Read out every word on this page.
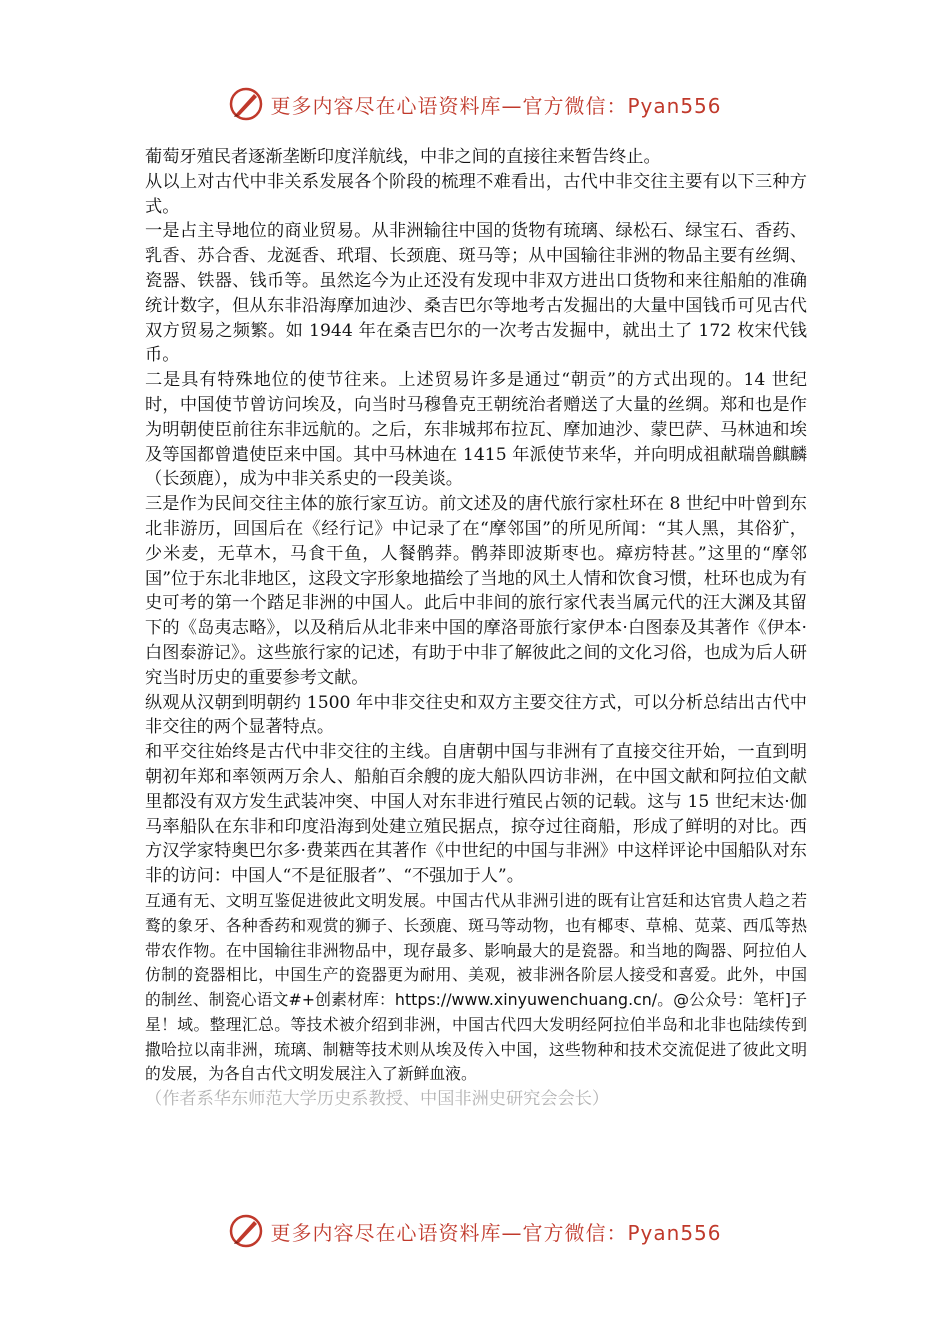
更多内容尽在心语资料库—官方微信：Pyan556

葡萄牙殖民者逐渐垄断印度洋航线，中非之间的直接往来暂告终止。

从以上对古代中非关系发展各个阶段的梳理不难看出，古代中非交往主要有以下三种方式。

一是占主导地位的商业贸易。从非洲输往中国的货物有琉璃、绿松石、绿宝石、香药、乳香、苏合香、龙涎香、玳瑁、长颈鹿、斑马等；从中国输往非洲的物品主要有丝绸、瓷器、铁器、钱币等。虽然迄今为止还没有发现中非双方进出口货物和来往船舶的准确统计数字，但从东非沿海摩加迪沙、桑吉巴尔等地考古发掘出的大量中国钱币可见古代双方贸易之频繁。如 1944 年在桑吉巴尔的一次考古发掘中，就出土了 172 枚宋代钱币。

二是具有特殊地位的使节往来。上述贸易许多是通过“朝贡”的方式出现的。14 世纪时，中国使节曾访问埃及，向当时马穆鲁克王朝统治者赠送了大量的丝绸。郑和也是作为明朝使臣前往东非远航的。之后，东非城邦布拉瓦、摩加迪沙、蒙巴萨、马林迪和埃及等国都曾遣使臣来中国。其中马林迪在 1415 年派使节来华，并向明成祖献瑞兽麒麟（长颈鹿），成为中非关系史的一段美谈。

三是作为民间交往主体的旅行家互访。前文述及的唐代旅行家杜环在 8 世纪中叶曾到东北非游历，回国后在《经行记》中记录了在“摩邻国”的所见所闻：“其人黑，其俗犷，少米麦，无草木，马食干鱼，人餐鹘莽。鹘莽即波斯枣也。瘴疠特甚。”这里的“摩邻国”位于东北非地区，这段文字形象地描绘了当地的风土人情和饮食习惯，杜环也成为有史可考的第一个踏足非洲的中国人。此后中非间的旅行家代表当属元代的汪大渊及其留下的《岛夷志略》，以及稍后从北非来中国的摩洛哥旅行家伊本·白图泰及其著作《伊本·白图泰游记》。这些旅行家的记述，有助于中非了解彼此之间的文化习俗，也成为后人研究当时历史的重要参考文献。

纵观从汉朝到明朝约 1500 年中非交往史和双方主要交往方式，可以分析总结出古代中非交往的两个显著特点。

和平交往始终是古代中非交往的主线。自唐朝中国与非洲有了直接交往开始，一直到明朝初年郑和率领两万余人、船舶百余艘的庞大船队四访非洲，在中国文献和阿拉伯文献里都没有双方发生武装冲突、中国人对东非进行殖民占领的记载。这与 15 世纪末达·伽马率船队在东非和印度沿海到处建立殖民据点，掠夺过往商船，形成了鲜明的对比。西方汉学家特奥巴尔多·费莱西在其著作《中世纪的中国与非洲》中这样评论中国船队对东非的访问：中国人“不是征服者”、“不强加于人”。

互通有无、文明互鉴促进彼此文明发展。中国古代从非洲引进的既有让宫廷和达官贵人趋之若鹜的象牙、各种香药和观赏的狮子、长颈鹿、斑马等动物，也有椰枣、草棉、苋菜、西瓜等热带农作物。在中国输往非洲物品中，现存最多、影响最大的是瓷器。和当地的陶器、阿拉伯人仿制的瓷器相比，中国生产的瓷器更为耐用、美观，被非洲各阶层人接受和喜爱。此外，中国的制丝、制瓷心语文#+创素材库：https://www.xinyuwenchuang.cn/。@公众号：笔杆]子星！域。整理汇总。等技术被介绍到非洲，中国古代四大发明经阿拉伯半岛和北非也陆续传到撒哈拉以南非洲，琉璃、制糖等技术则从埃及传入中国，这些物种和技术交流促进了彼此文明的发展，为各自古代文明发展注入了新鲜血液。

（作者系华东师范大学历史系教授、中国非洲史研究会会长）

更多内容尽在心语资料库—官方微信：Pyan556
